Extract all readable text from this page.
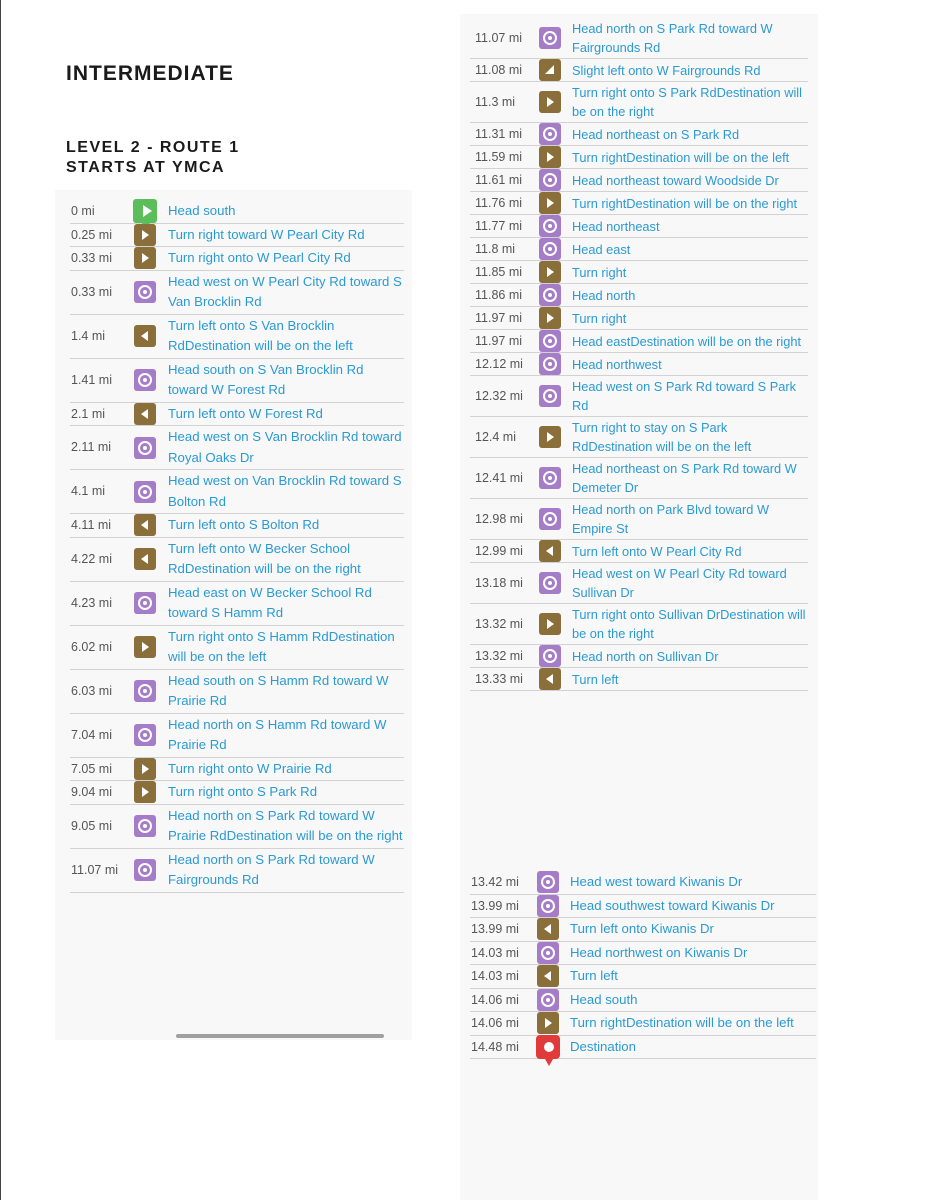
INTERMEDIATE
LEVEL 2 - ROUTE 1
STARTS AT YMCA
0 mi	Head south
0.25 mi	Turn right toward W Pearl City Rd
0.33 mi	Turn right onto W Pearl City Rd
0.33 mi
Head west on W Pearl City Rd toward S Van Brocklin Rd
1.4 mi
Turn left onto S Van Brocklin RdDestination will be on the left
1.41 mi
Head south on S Van Brocklin Rd toward W Forest Rd
2.1 mi	Turn left onto W Forest Rd
2.11 mi
Head west on S Van Brocklin Rd toward Royal Oaks Dr
4.1 mi
Head west on Van Brocklin Rd toward S Bolton Rd
4.11 mi	Turn left onto S Bolton Rd
4.22 mi
Turn left onto W Becker School RdDestination will be on the right
4.23 mi
Head east on W Becker School Rd toward S Hamm Rd
6.02 mi
Turn right onto S Hamm RdDestination will be on the left
6.03 mi
Head south on S Hamm Rd toward W Prairie Rd
7.04 mi
Head north on S Hamm Rd toward W Prairie Rd
7.05 mi	Turn right onto W Prairie Rd
9.04 mi	Turn right onto S Park Rd
9.05 mi
Head north on S Park Rd toward W Prairie RdDestination will be on the right
11.07 mi
Head north on S Park Rd toward W Fairgrounds Rd
11.07 mi
Head north on S Park Rd toward W Fairgrounds Rd
11.08 mi	Slight left onto W Fairgrounds Rd
11.3 mi
Turn right onto S Park RdDestination will be on the right
11.31 mi	Head northeast on S Park Rd
11.59 mi	Turn rightDestination will be on the left
11.61 mi	Head northeast toward Woodside Dr
11.76 mi	Turn rightDestination will be on the right
11.77 mi	Head northeast
11.8 mi	Head east
11.85 mi	Turn right
11.86 mi	Head north
11.97 mi	Turn right
11.97 mi	Head eastDestination will be on the right
12.12 mi	Head northwest
12.32 mi
Head west on S Park Rd toward S Park Rd
12.4 mi
Turn right to stay on S Park RdDestination will be on the left
12.41 mi
Head northeast on S Park Rd toward W Demeter Dr
12.98 mi
Head north on Park Blvd toward W Empire St
12.99 mi	Turn left onto W Pearl City Rd
13.18 mi
Head west on W Pearl City Rd toward Sullivan Dr
13.32 mi
Turn right onto Sullivan DrDestination will be on the right
13.32 mi	Head north on Sullivan Dr
13.33 mi	Turn left
13.42 mi	Head west toward Kiwanis Dr
13.99 mi	Head southwest toward Kiwanis Dr
13.99 mi	Turn left onto Kiwanis Dr
14.03 mi	Head northwest on Kiwanis Dr
14.03 mi	Turn left
14.06 mi	Head south
14.06 mi	Turn rightDestination will be on the left
14.48 mi	Destination
